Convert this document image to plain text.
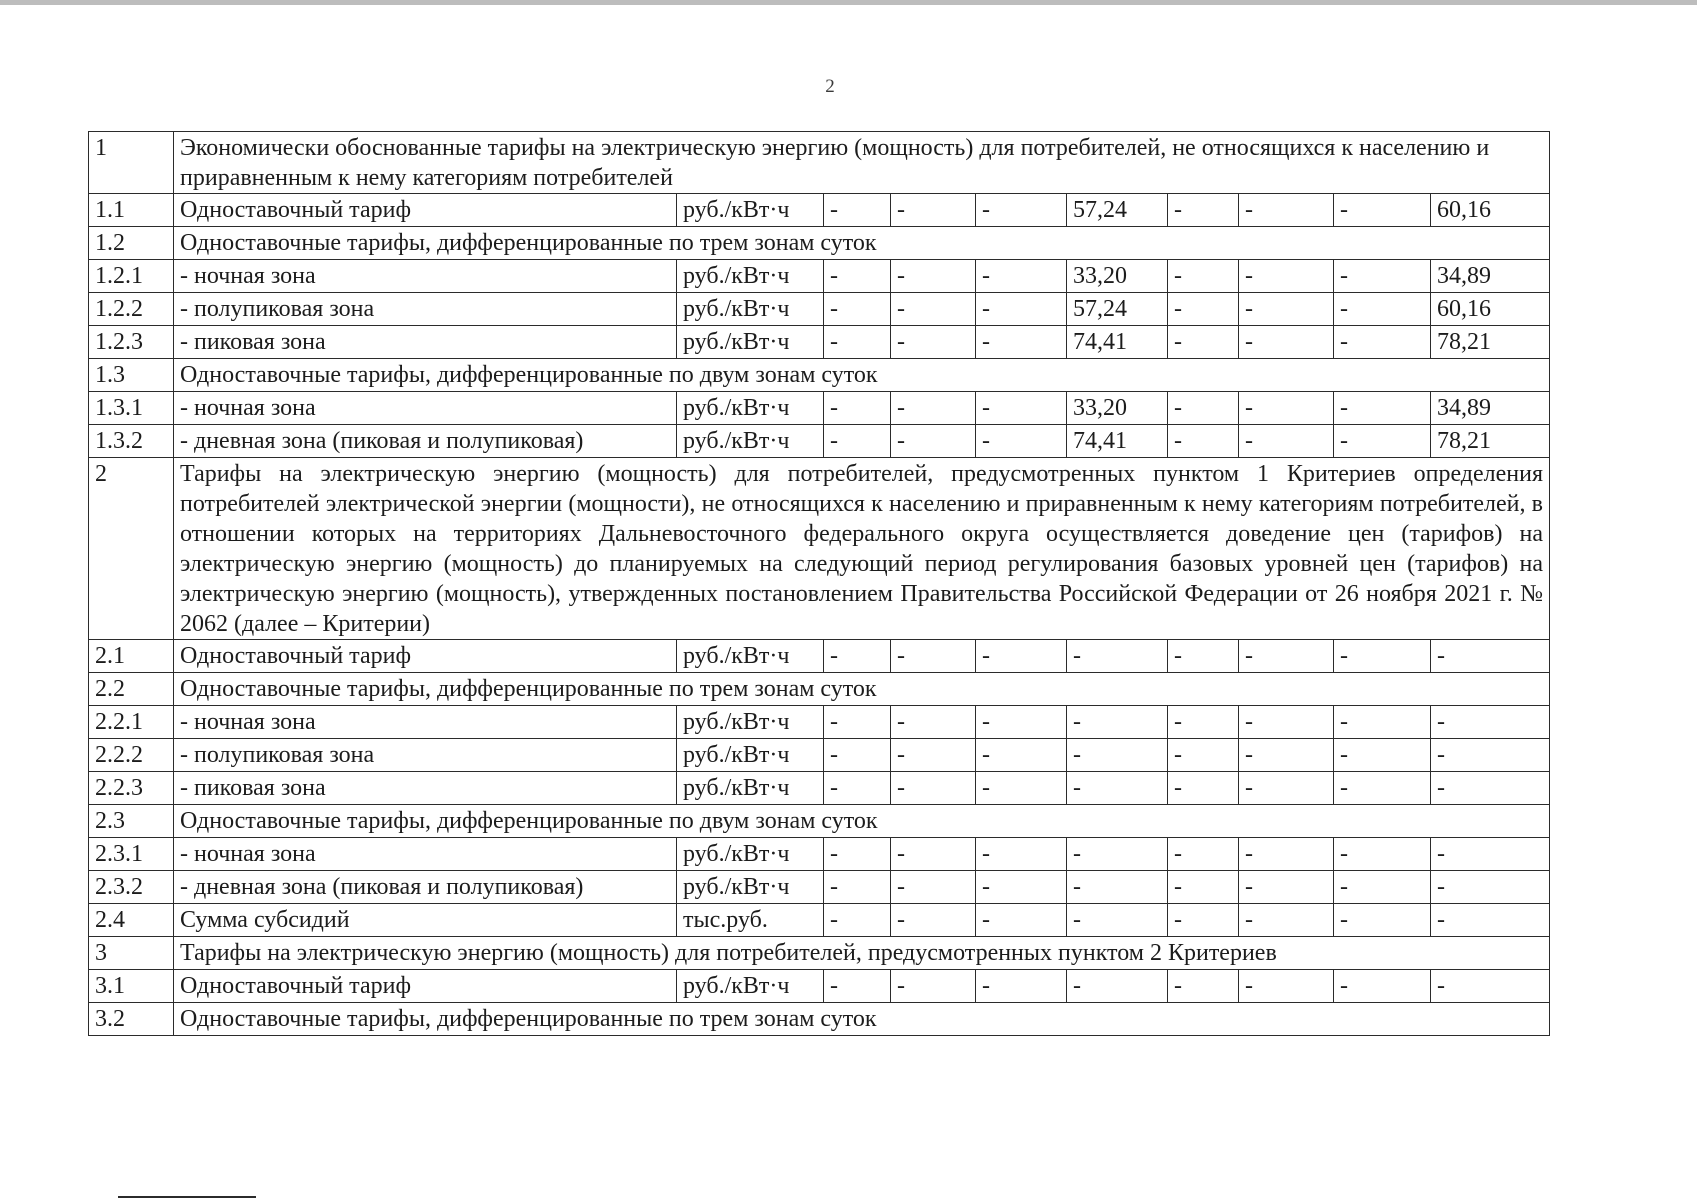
2
1	Экономически обоснованные тарифы на электрическую энергию (мощность) для потребителей, не относящихся к населению и приравненным к нему категориям потребителей									
1.1	Одноставочный тариф	руб./кВт·ч	-	-	-	57,24	-	-	-	60,16
1.2	Одноставочные тарифы, дифференцированные по трем зонам суток									
1.2.1	- ночная зона	руб./кВт·ч	-	-	-	33,20	-	-	-	34,89
1.2.2	- полупиковая зона	руб./кВт·ч	-	-	-	57,24	-	-	-	60,16
1.2.3	- пиковая зона	руб./кВт·ч	-	-	-	74,41	-	-	-	78,21
1.3	Одноставочные тарифы, дифференцированные по двум зонам суток									
1.3.1	- ночная зона	руб./кВт·ч	-	-	-	33,20	-	-	-	34,89
1.3.2	- дневная зона (пиковая и полупиковая)	руб./кВт·ч	-	-	-	74,41	-	-	-	78,21
2	Тарифы на электрическую энергию (мощность) для потребителей, предусмотренных пунктом 1 Критериев определения потребителей электрической энергии (мощности), не относящихся к населению и приравненным к нему категориям потребителей, в отношении которых на территориях Дальневосточного федерального округа осуществляется доведение цен (тарифов) на электрическую энергию (мощность) до планируемых на следующий период регулирования базовых уровней цен (тарифов) на электрическую энергию (мощность), утвержденных постановлением Правительства Российской Федерации от 26 ноября 2021 г. № 2062 (далее – Критерии)									
2.1	Одноставочный тариф	руб./кВт·ч	-	-	-	-	-	-	-	-
2.2	Одноставочные тарифы, дифференцированные по трем зонам суток									
2.2.1	- ночная зона	руб./кВт·ч	-	-	-	-	-	-	-	-
2.2.2	- полупиковая зона	руб./кВт·ч	-	-	-	-	-	-	-	-
2.2.3	- пиковая зона	руб./кВт·ч	-	-	-	-	-	-	-	-
2.3	Одноставочные тарифы, дифференцированные по двум зонам суток									
2.3.1	- ночная зона	руб./кВт·ч	-	-	-	-	-	-	-	-
2.3.2	- дневная зона (пиковая и полупиковая)	руб./кВт·ч	-	-	-	-	-	-	-	-
2.4	Сумма субсидий	тыс.руб.	-	-	-	-	-	-	-	-
3	Тарифы на электрическую энергию (мощность) для потребителей, предусмотренных пунктом 2 Критериев									
3.1	Одноставочный тариф	руб./кВт·ч	-	-	-	-	-	-	-	-
3.2	Одноставочные тарифы, дифференцированные по трем зонам суток									
